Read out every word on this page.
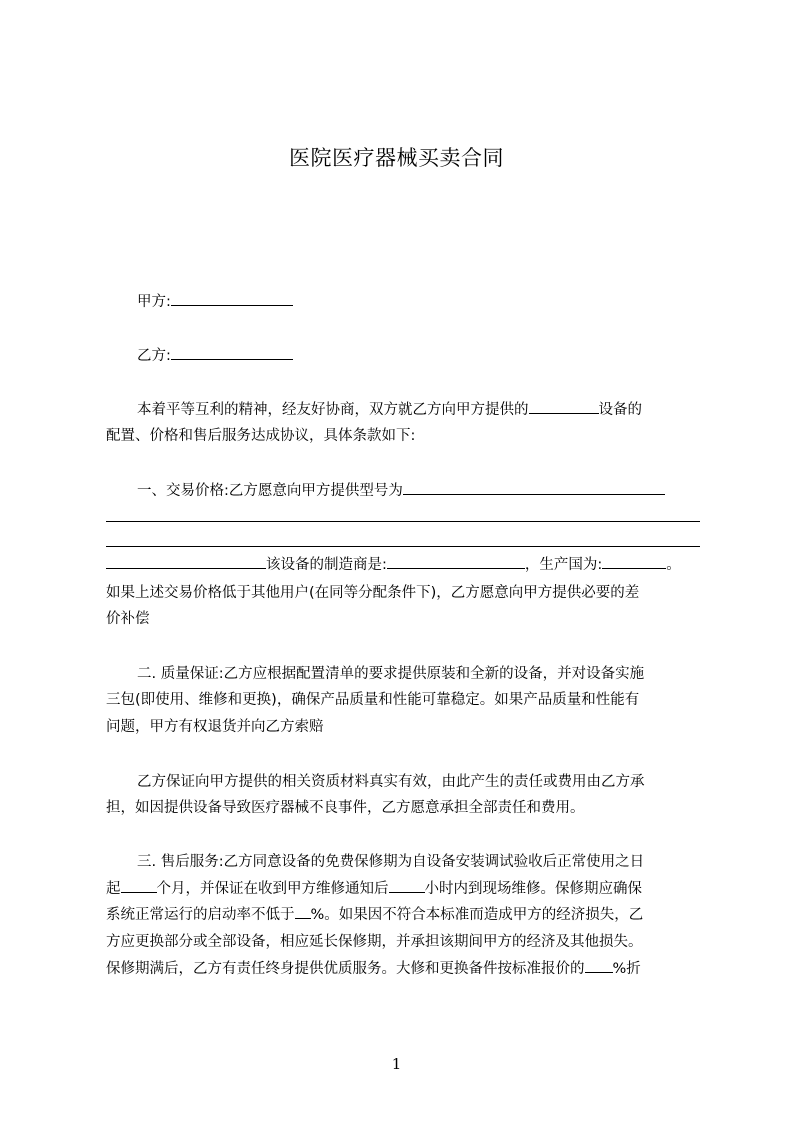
医院医疗器械买卖合同
甲方:
乙方:
本着平等互利的精神，经友好协商，双方就乙方向甲方提供的	设备的
配置、价格和售后服务达成协议，具体条款如下:
一、交易价格:乙方愿意向甲方提供型号为
该设备的制造商是:	，生产国为:	。
如果上述交易价格低于其他用户(在同等分配条件下)，乙方愿意向甲方提供必要的差
价补偿
二. 质量保证:乙方应根据配置清单的要求提供原装和全新的设备，并对设备实施
三包(即使用、维修和更换)，确保产品质量和性能可靠稳定。如果产品质量和性能有
问题，甲方有权退货并向乙方索赔
乙方保证向甲方提供的相关资质材料真实有效，由此产生的责任或费用由乙方承
担，如因提供设备导致医疗器械不良事件，乙方愿意承担全部责任和费用。
三. 售后服务:乙方同意设备的免费保修期为自设备安装调试验收后正常使用之日
起 个月，并保证在收到甲方维修通知后 小时内到现场维修。保修期应确保
系统正常运行的启动率不低于 %。如果因不符合本标准而造成甲方的经济损失，乙
方应更换部分或全部设备，相应延长保修期，并承担该期间甲方的经济及其他损失。
保修期满后，乙方有责任终身提供优质服务。大修和更换备件按标准报价的 %折
1
